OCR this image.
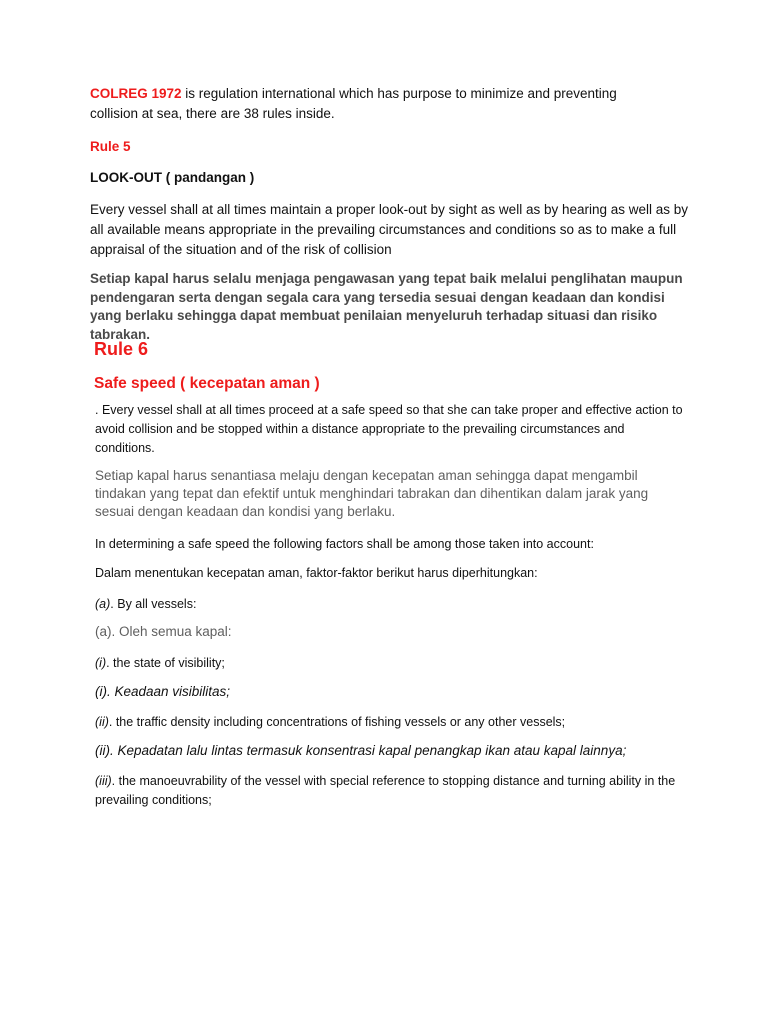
COLREG 1972 is regulation international which has purpose to minimize and preventing collision at sea, there are 38 rules inside.

Rule 5

LOOK-OUT ( pandangan )

Every vessel shall at all times maintain a proper look-out by sight as well as by hearing as well as by all available means appropriate in the prevailing circumstances and conditions so as to make a full appraisal of the situation and of the risk of collision

Setiap kapal harus selalu menjaga pengawasan yang tepat baik melalui penglihatan maupun pendengaran serta dengan segala cara yang tersedia sesuai dengan keadaan dan kondisi yang berlaku sehingga dapat membuat penilaian menyeluruh terhadap situasi dan risiko tabrakan.

Rule 6

Safe speed ( kecepatan aman )

. Every vessel shall at all times proceed at a safe speed so that she can take proper and effective action to avoid collision and be stopped within a distance appropriate to the prevailing circumstances and conditions.

Setiap kapal harus senantiasa melaju dengan kecepatan aman sehingga dapat mengambil tindakan yang tepat dan efektif untuk menghindari tabrakan dan dihentikan dalam jarak yang sesuai dengan keadaan dan kondisi yang berlaku.

In determining a safe speed the following factors shall be among those taken into account:

Dalam menentukan kecepatan aman, faktor-faktor berikut harus diperhitungkan:

(a). By all vessels:

(a). Oleh semua kapal:

(i). the state of visibility;

(i). Keadaan visibilitas;

(ii). the traffic density including concentrations of fishing vessels or any other vessels;

(ii). Kepadatan lalu lintas termasuk konsentrasi kapal penangkap ikan atau kapal lainnya;

(iii). the manoeuvrability of the vessel with special reference to stopping distance and turning ability in the prevailing conditions;
